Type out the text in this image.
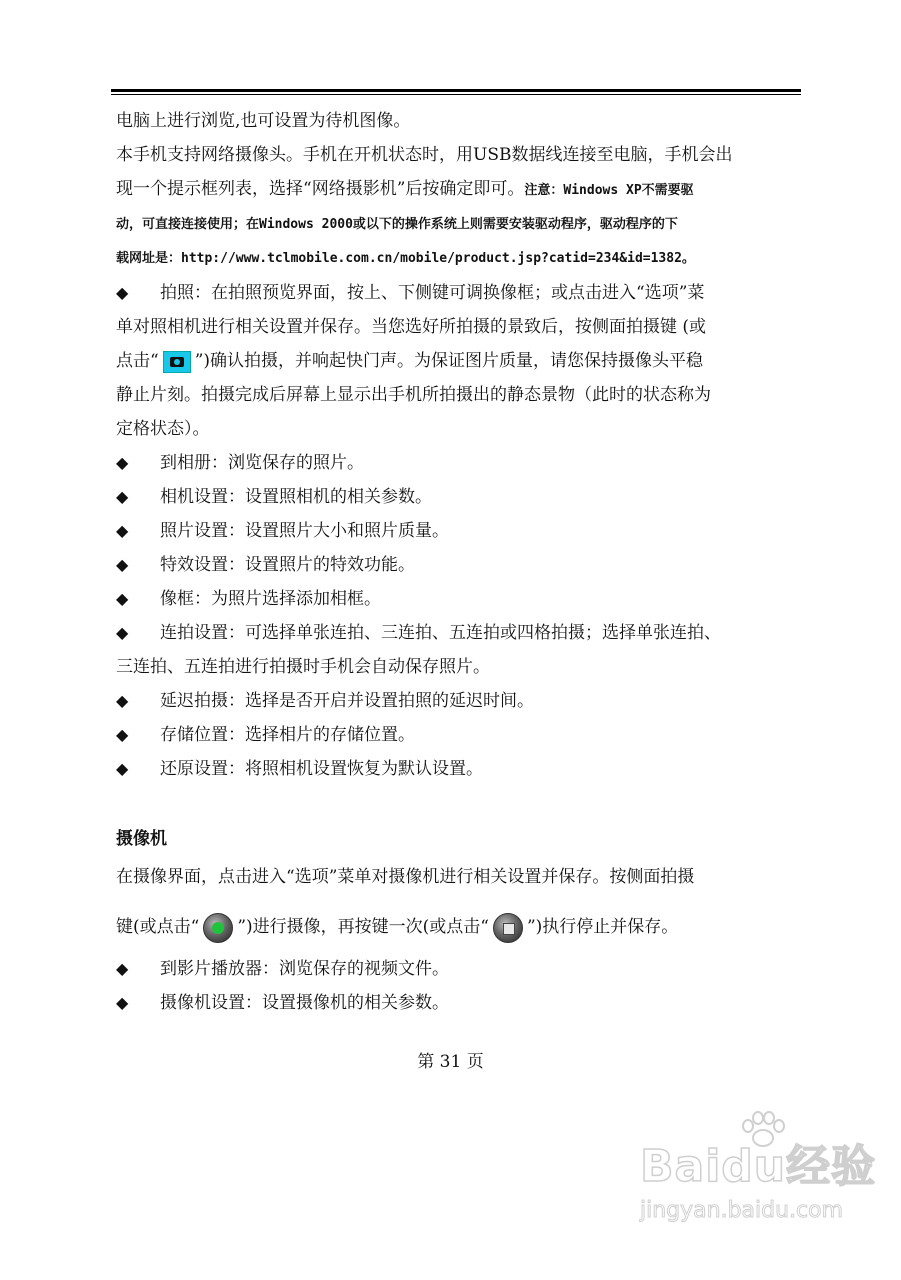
电脑上进行浏览,也可设置为待机图像。
本手机支持网络摄像头。手机在开机状态时，用USB数据线连接至电脑，手机会出
现一个提示框列表，选择“网络摄影机”后按确定即可。注意：Windows XP不需要驱
动，可直接连接使用；在Windows 2000或以下的操作系统上则需要安装驱动程序，驱动程序的下
载网址是：http://www.tclmobile.com.cn/mobile/product.jsp?catid=234&id=1382。
◆ 拍照：在拍照预览界面，按上、下侧键可调换像框；或点击进入“选项”菜
单对照相机进行相关设置并保存。当您选好所拍摄的景致后，按侧面拍摄键 (或
点击“ ”)确认拍摄，并响起快门声。为保证图片质量，请您保持摄像头平稳
静止片刻。拍摄完成后屏幕上显示出手机所拍摄出的静态景物（此时的状态称为
定格状态）。
◆ 到相册：浏览保存的照片。
◆ 相机设置：设置照相机的相关参数。
◆ 照片设置：设置照片大小和照片质量。
◆ 特效设置：设置照片的特效功能。
◆ 像框：为照片选择添加相框。
◆ 连拍设置：可选择单张连拍、三连拍、五连拍或四格拍摄；选择单张连拍、
三连拍、五连拍进行拍摄时手机会自动保存照片。
◆ 延迟拍摄：选择是否开启并设置拍照的延迟时间。
◆ 存储位置：选择相片的存储位置。
◆ 还原设置：将照相机设置恢复为默认设置。
摄像机
在摄像界面，点击进入“选项”菜单对摄像机进行相关设置并保存。按侧面拍摄
键(或点击“ ”)进行摄像，再按键一次(或点击“ ”)执行停止并保存。
◆ 到影片播放器：浏览保存的视频文件。
◆ 摄像机设置：设置摄像机的相关参数。
第 31 页
Baidu经验
jingyan.baidu.com
